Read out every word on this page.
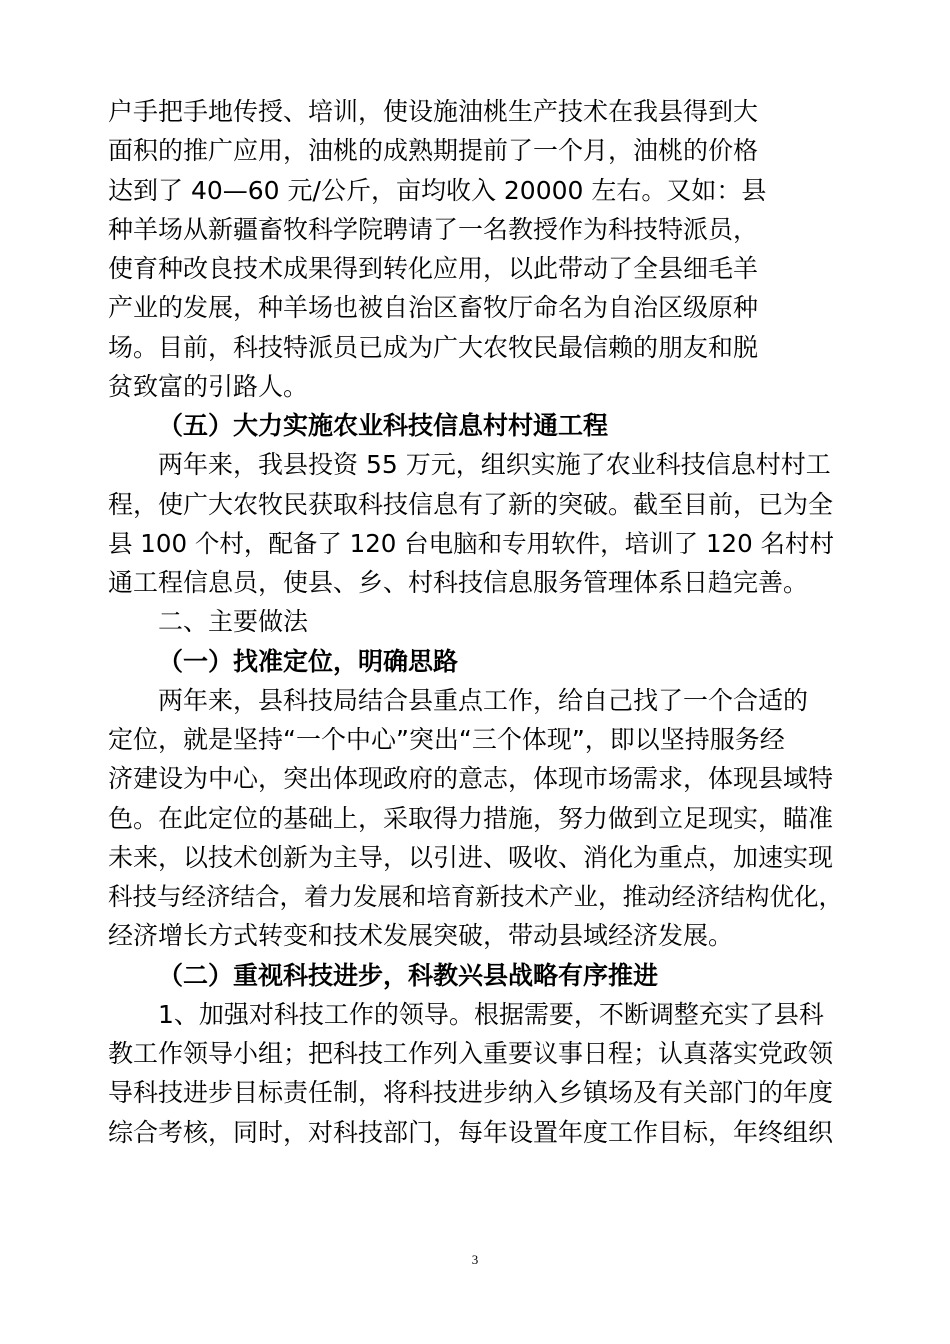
户手把手地传授、培训，使设施油桃生产技术在我县得到大
面积的推广应用，油桃的成熟期提前了一个月，油桃的价格
达到了 40—60 元/公斤，亩均收入 20000 左右。又如：县
种羊场从新疆畜牧科学院聘请了一名教授作为科技特派员，
使育种改良技术成果得到转化应用，以此带动了全县细毛羊
产业的发展，种羊场也被自治区畜牧厅命名为自治区级原种
场。目前，科技特派员已成为广大农牧民最信赖的朋友和脱
贫致富的引路人。
（五）大力实施农业科技信息村村通工程
两年来，我县投资 55 万元，组织实施了农业科技信息村村工
程，使广大农牧民获取科技信息有了新的突破。截至目前，已为全
县 100 个村，配备了 120 台电脑和专用软件，培训了 120 名村村
通工程信息员，使县、乡、村科技信息服务管理体系日趋完善。
二、主要做法
（一）找准定位，明确思路
两年来，县科技局结合县重点工作，给自己找了一个合适的
定位，就是坚持“一个中心”突出“三个体现”，即以坚持服务经
济建设为中心，突出体现政府的意志，体现市场需求，体现县域特
色。在此定位的基础上，采取得力措施，努力做到立足现实，瞄准
未来，以技术创新为主导，以引进、吸收、消化为重点，加速实现
科技与经济结合，着力发展和培育新技术产业，推动经济结构优化，
经济增长方式转变和技术发展突破，带动县域经济发展。
（二）重视科技进步，科教兴县战略有序推进
1、加强对科技工作的领导。根据需要，不断调整充实了县科
教工作领导小组；把科技工作列入重要议事日程；认真落实党政领
导科技进步目标责任制，将科技进步纳入乡镇场及有关部门的年度
综合考核，同时，对科技部门，每年设置年度工作目标，年终组织
3
